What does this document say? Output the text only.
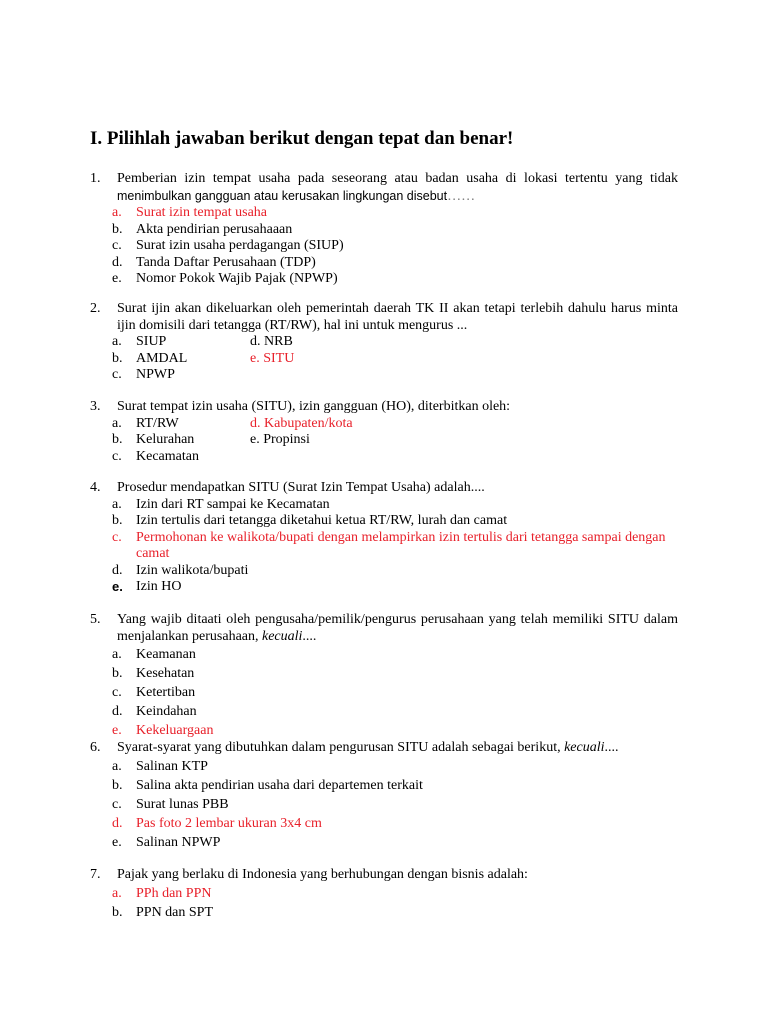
I. Pilihlah jawaban berikut dengan tepat dan benar!
1.	Pemberian izin tempat usaha pada seseorang atau badan usaha di lokasi tertentu yang tidak menimbulkan gangguan atau kerusakan lingkungan disebut……
a.	Surat izin tempat usaha
b. Akta pendirian perusahaaan
c.	Surat izin usaha perdagangan (SIUP)
d. Tanda Daftar Perusahaan (TDP)
e.	Nomor Pokok Wajib Pajak (NPWP)
2.	Surat ijin akan dikeluarkan oleh pemerintah daerah TK II akan tetapi terlebih dahulu harus minta ijin domisili dari tetangga (RT/RW), hal ini untuk mengurus ...
a.	SIUP	d. NRB
b. AMDAL	e. SITU
c.	NPWP
3.	Surat tempat izin usaha (SITU), izin gangguan (HO), diterbitkan oleh:
a.	RT/RW	d. Kabupaten/kota
b. Kelurahan	e. Propinsi
c.	Kecamatan
4.	Prosedur mendapatkan SITU (Surat Izin Tempat Usaha) adalah....
a.	Izin dari RT sampai ke Kecamatan
b. Izin tertulis dari tetangga diketahui ketua RT/RW, lurah dan camat
c.	Permohonan ke walikota/bupati dengan melampirkan izin tertulis dari tetangga sampai dengan camat
d. Izin walikota/bupati
e. Izin HO
5.	Yang wajib ditaati oleh pengusaha/pemilik/pengurus perusahaan yang telah memiliki SITU dalam menjalankan perusahaan, kecuali....
a.	Keamanan
b. Kesehatan
c.	Ketertiban
d. Keindahan
e.	Kekeluargaan
6.	Syarat-syarat yang dibutuhkan dalam pengurusan SITU adalah sebagai berikut, kecuali....
a.	Salinan KTP
b. Salina akta pendirian usaha dari departemen terkait
c.	Surat lunas PBB
d. Pas foto 2 lembar ukuran 3x4 cm
e.	Salinan NPWP
7.	Pajak yang berlaku di Indonesia yang berhubungan dengan bisnis adalah:
a.	PPh dan PPN
b. PPN dan SPT
